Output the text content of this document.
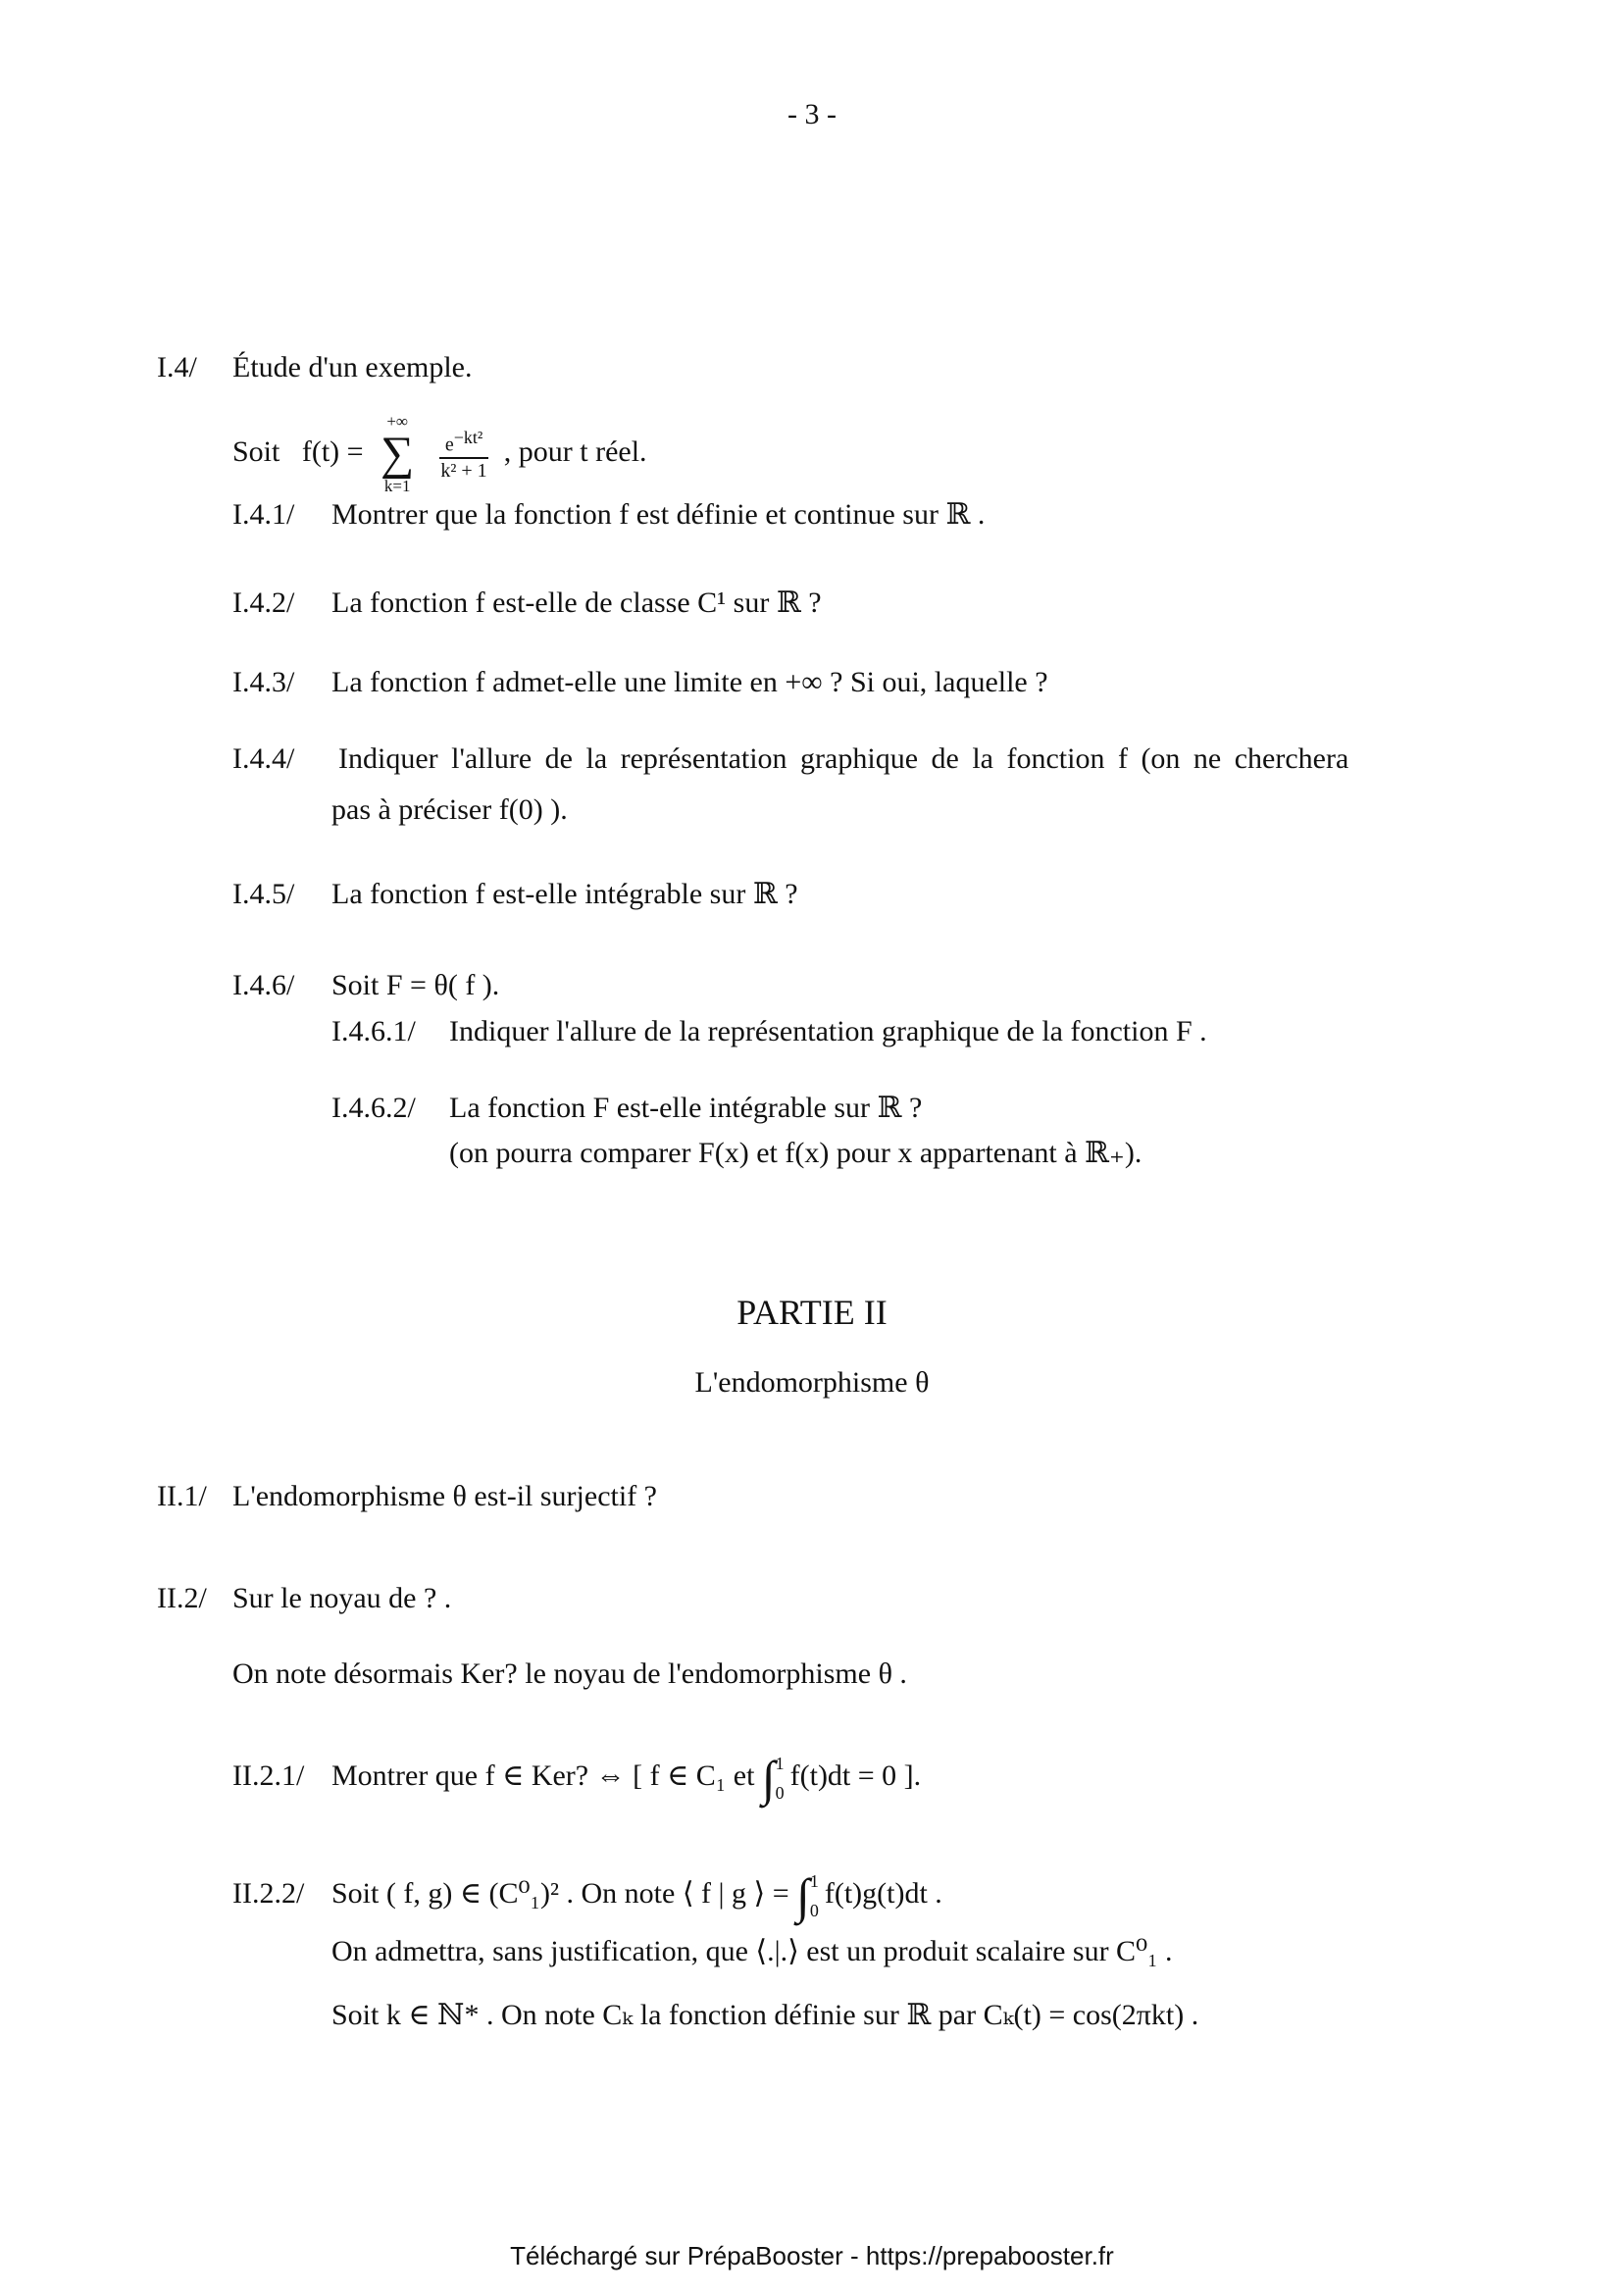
- 3 -
I.4/ Étude d'un exemple.
Soit f(t) =
+∞
∑
k=1

$\frac{e^{-kt^2}}{\text{k² + 1}}$ , pour t réel.
I.4.1/ Montrer que la fonction f est définie et continue sur ℝ .
I.4.2/ La fonction f est-elle de classe C¹ sur ℝ ?
I.4.3/ La fonction f admet-elle une limite en +∞ ? Si oui, laquelle ?
I.4.4/ Indiquer l'allure de la représentation graphique de la fonction f (on ne cherchera
pas à préciser f(0) ).
I.4.5/ La fonction f est-elle intégrable sur ℝ ?
I.4.6/ Soit F = θ( f ).
I.4.6.1/ Indiquer l'allure de la représentation graphique de la fonction F .
I.4.6.2/ La fonction F est-elle intégrable sur ℝ ?
(on pourra comparer F(x) et f(x) pour x appartenant à ℝ₊).
PARTIE II
L'endomorphisme θ
II.1/ L'endomorphisme θ est-il surjectif ?
II.2/ Sur le noyau de ? .
On note désormais Ker? le noyau de l'endomorphisme θ .
II.2.1/ Montrer que f ∈ Ker? ⇔ [ f ∈ C₁ et ∫ 1
0
f(t)dt = 0 ].
II.2.2/ Soit ( f, g) ∈ (C⁰₁)² . On note ⟨ f | g ⟩ = ∫ 1
0
f(t)g(t)dt .
On admettra, sans justification, que ⟨.|.⟩ est un produit scalaire sur C⁰₁ .
Soit k ∈ ℕ* . On note Cₖ la fonction définie sur ℝ par Cₖ(t) = cos(2πkt) .
Téléchargé sur PrépaBooster - https://prepabooster.fr
